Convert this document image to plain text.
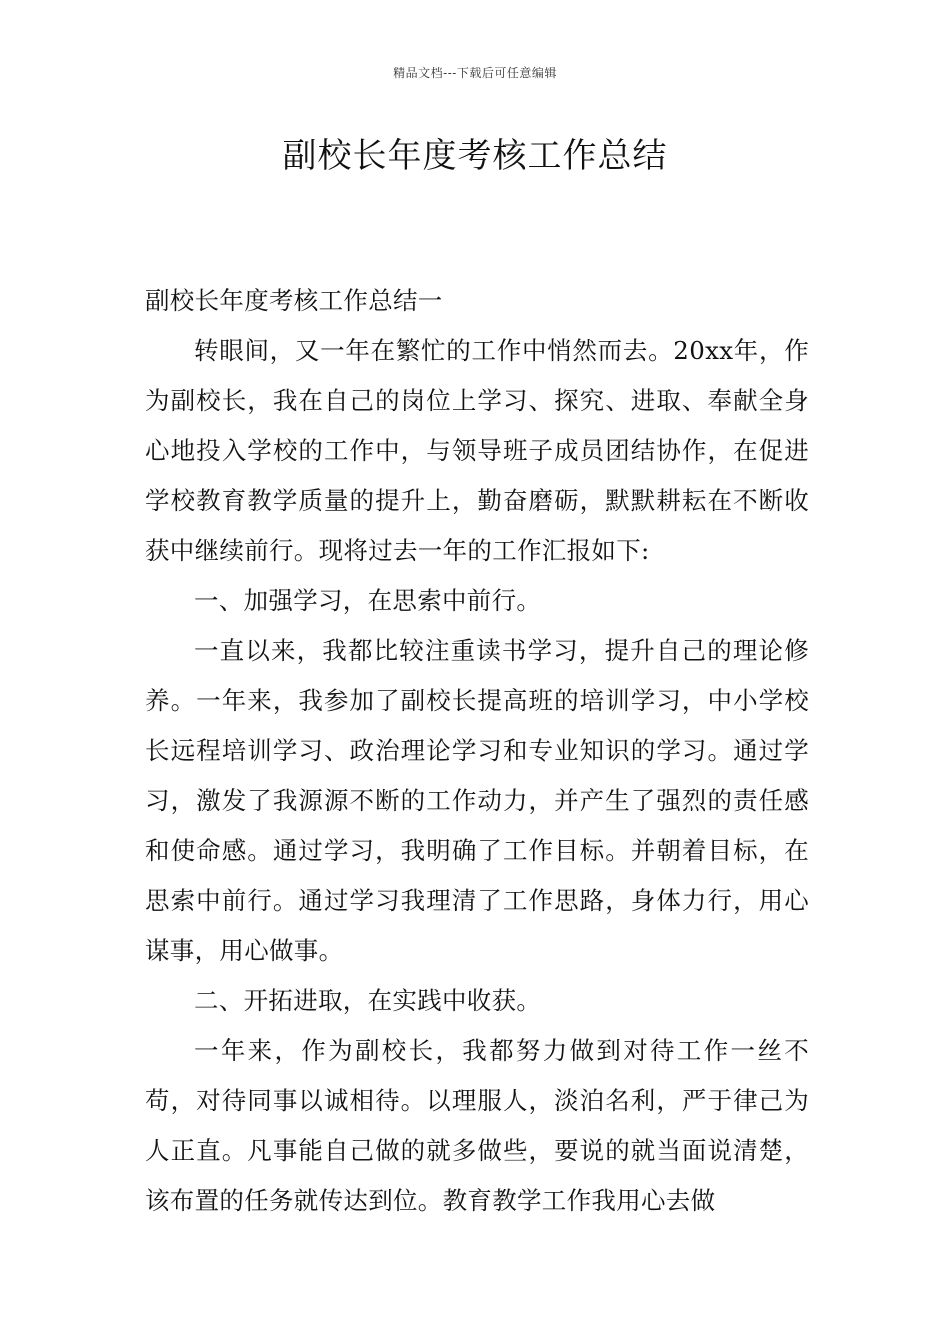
精品文档---下载后可任意编辑
副校长年度考核工作总结

副校长年度考核工作总结一

转眼间，又一年在繁忙的工作中悄然而去。20xx年，作为副校长，我在自己的岗位上学习、探究、进取、奉献全身心地投入学校的工作中，与领导班子成员团结协作，在促进学校教育教学质量的提升上，勤奋磨砺，默默耕耘在不断收获中继续前行。现将过去一年的工作汇报如下:

一、加强学习，在思索中前行。

一直以来，我都比较注重读书学习，提升自己的理论修养。一年来，我参加了副校长提高班的培训学习，中小学校长远程培训学习、政治理论学习和专业知识的学习。通过学习，激发了我源源不断的工作动力，并产生了强烈的责任感和使命感。通过学习，我明确了工作目标。并朝着目标，在思索中前行。通过学习我理清了工作思路，身体力行，用心谋事，用心做事。

二、开拓进取，在实践中收获。

一年来，作为副校长，我都努力做到对待工作一丝不苟，对待同事以诚相待。以理服人，淡泊名利，严于律己为人正直。凡事能自己做的就多做些，要说的就当面说清楚，该布置的任务就传达到位。教育教学工作我用心去做
